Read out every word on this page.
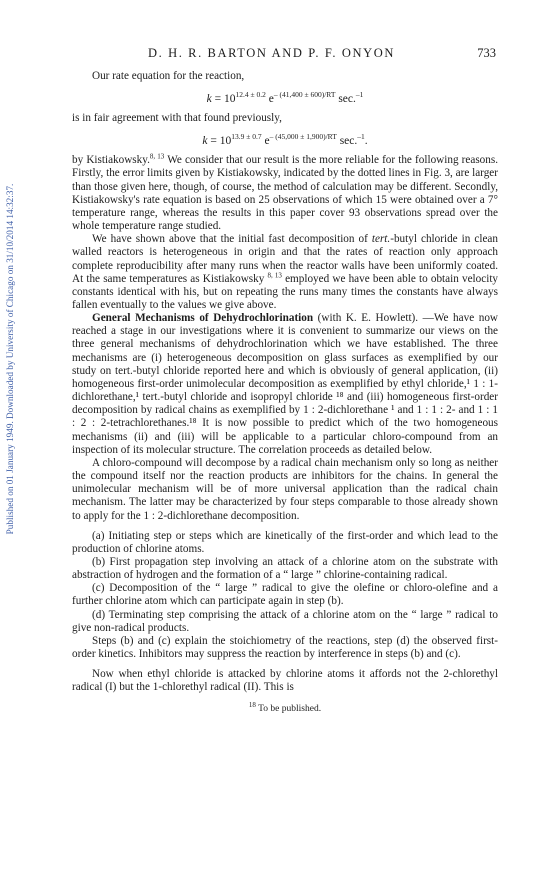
Published on 01 January 1949. Downloaded by University of Chicago on 31/10/2014 14:32:37.
D. H. R. BARTON AND P. F. ONYON	733

Our rate equation for the reaction,

$k = 10^{12.4 \pm 0.2}$ $e^{- (41,400 \pm 600)/RT}$ sec.$^{-1}$

is in fair agreement with that found previously,

$k = 10^{13.9 \pm 0.7}$ $e^{- (45,000 \pm 1,900)/RT}$ sec.$^{-1}$.

by Kistiakowsky.$^{8, 13}$ We consider that our result is the more reliable for the following reasons. Firstly, the error limits given by Kistiakowsky, indicated by the dotted lines in Fig. 3, are larger than those given here, though, of course, the method of calculation may be different. Secondly, Kistiakowsky's rate equation is based on 25 observations of which 15 were obtained over a 7° temperature range, whereas the results in this paper cover 93 observations spread over the whole temperature range studied.

We have shown above that the initial fast decomposition of tert.-butyl chloride in clean walled reactors is heterogeneous in origin and that the rates of reaction only approach complete reproducibility after many runs when the reactor walls have been uniformly coated. At the same temperatures as Kistiakowsky $^{8, 13}$ employed we have been able to obtain velocity constants identical with his, but on repeating the runs many times the constants have always fallen eventually to the values we give above.

General Mechanisms of Dehydrochlorination (with K. E. Howlett). —We have now reached a stage in our investigations where it is convenient to summarize our views on the three general mechanisms of dehydrochlorination which we have established. The three mechanisms are (i) heterogeneous decomposition on glass surfaces as exemplified by our study on tert.-butyl chloride reported here and which is obviously of general application, (ii) homogeneous first-order unimolecular decomposition as exemplified by ethyl chloride,¹ 1 : 1-dichlorethane,¹ tert.-butyl chloride and isopropyl chloride ¹⁸ and (iii) homogeneous first-order decomposition by radical chains as exemplified by 1 : 2-dichlorethane ¹ and 1 : 1 : 2- and 1 : 1 : 2 : 2-tetrachlorethanes.¹⁸ It is now possible to predict which of the two homogeneous mechanisms (ii) and (iii) will be applicable to a particular chloro-compound from an inspection of its molecular structure. The correlation proceeds as detailed below.

A chloro-compound will decompose by a radical chain mechanism only so long as neither the compound itself nor the reaction products are inhibitors for the chains. In general the unimolecular mechanism will be of more universal application than the radical chain mechanism. The latter may be characterized by four steps comparable to those already shown to apply for the 1 : 2-dichlorethane decomposition.

(a) Initiating step or steps which are kinetically of the first-order and which lead to the production of chlorine atoms.

(b) First propagation step involving an attack of a chlorine atom on the substrate with abstraction of hydrogen and the formation of a “ large ” chlorine-containing radical.

(c) Decomposition of the “ large ” radical to give the olefine or chloro-olefine and a further chlorine atom which can participate again in step (b).

(d) Terminating step comprising the attack of a chlorine atom on the “ large ” radical to give non-radical products.

Steps (b) and (c) explain the stoichiometry of the reactions, step (d) the observed first-order kinetics. Inhibitors may suppress the reaction by interference in steps (b) and (c).

Now when ethyl chloride is attacked by chlorine atoms it affords not the 2-chlorethyl radical (I) but the 1-chlorethyl radical (II). This is

$^{18}$ To be published.
